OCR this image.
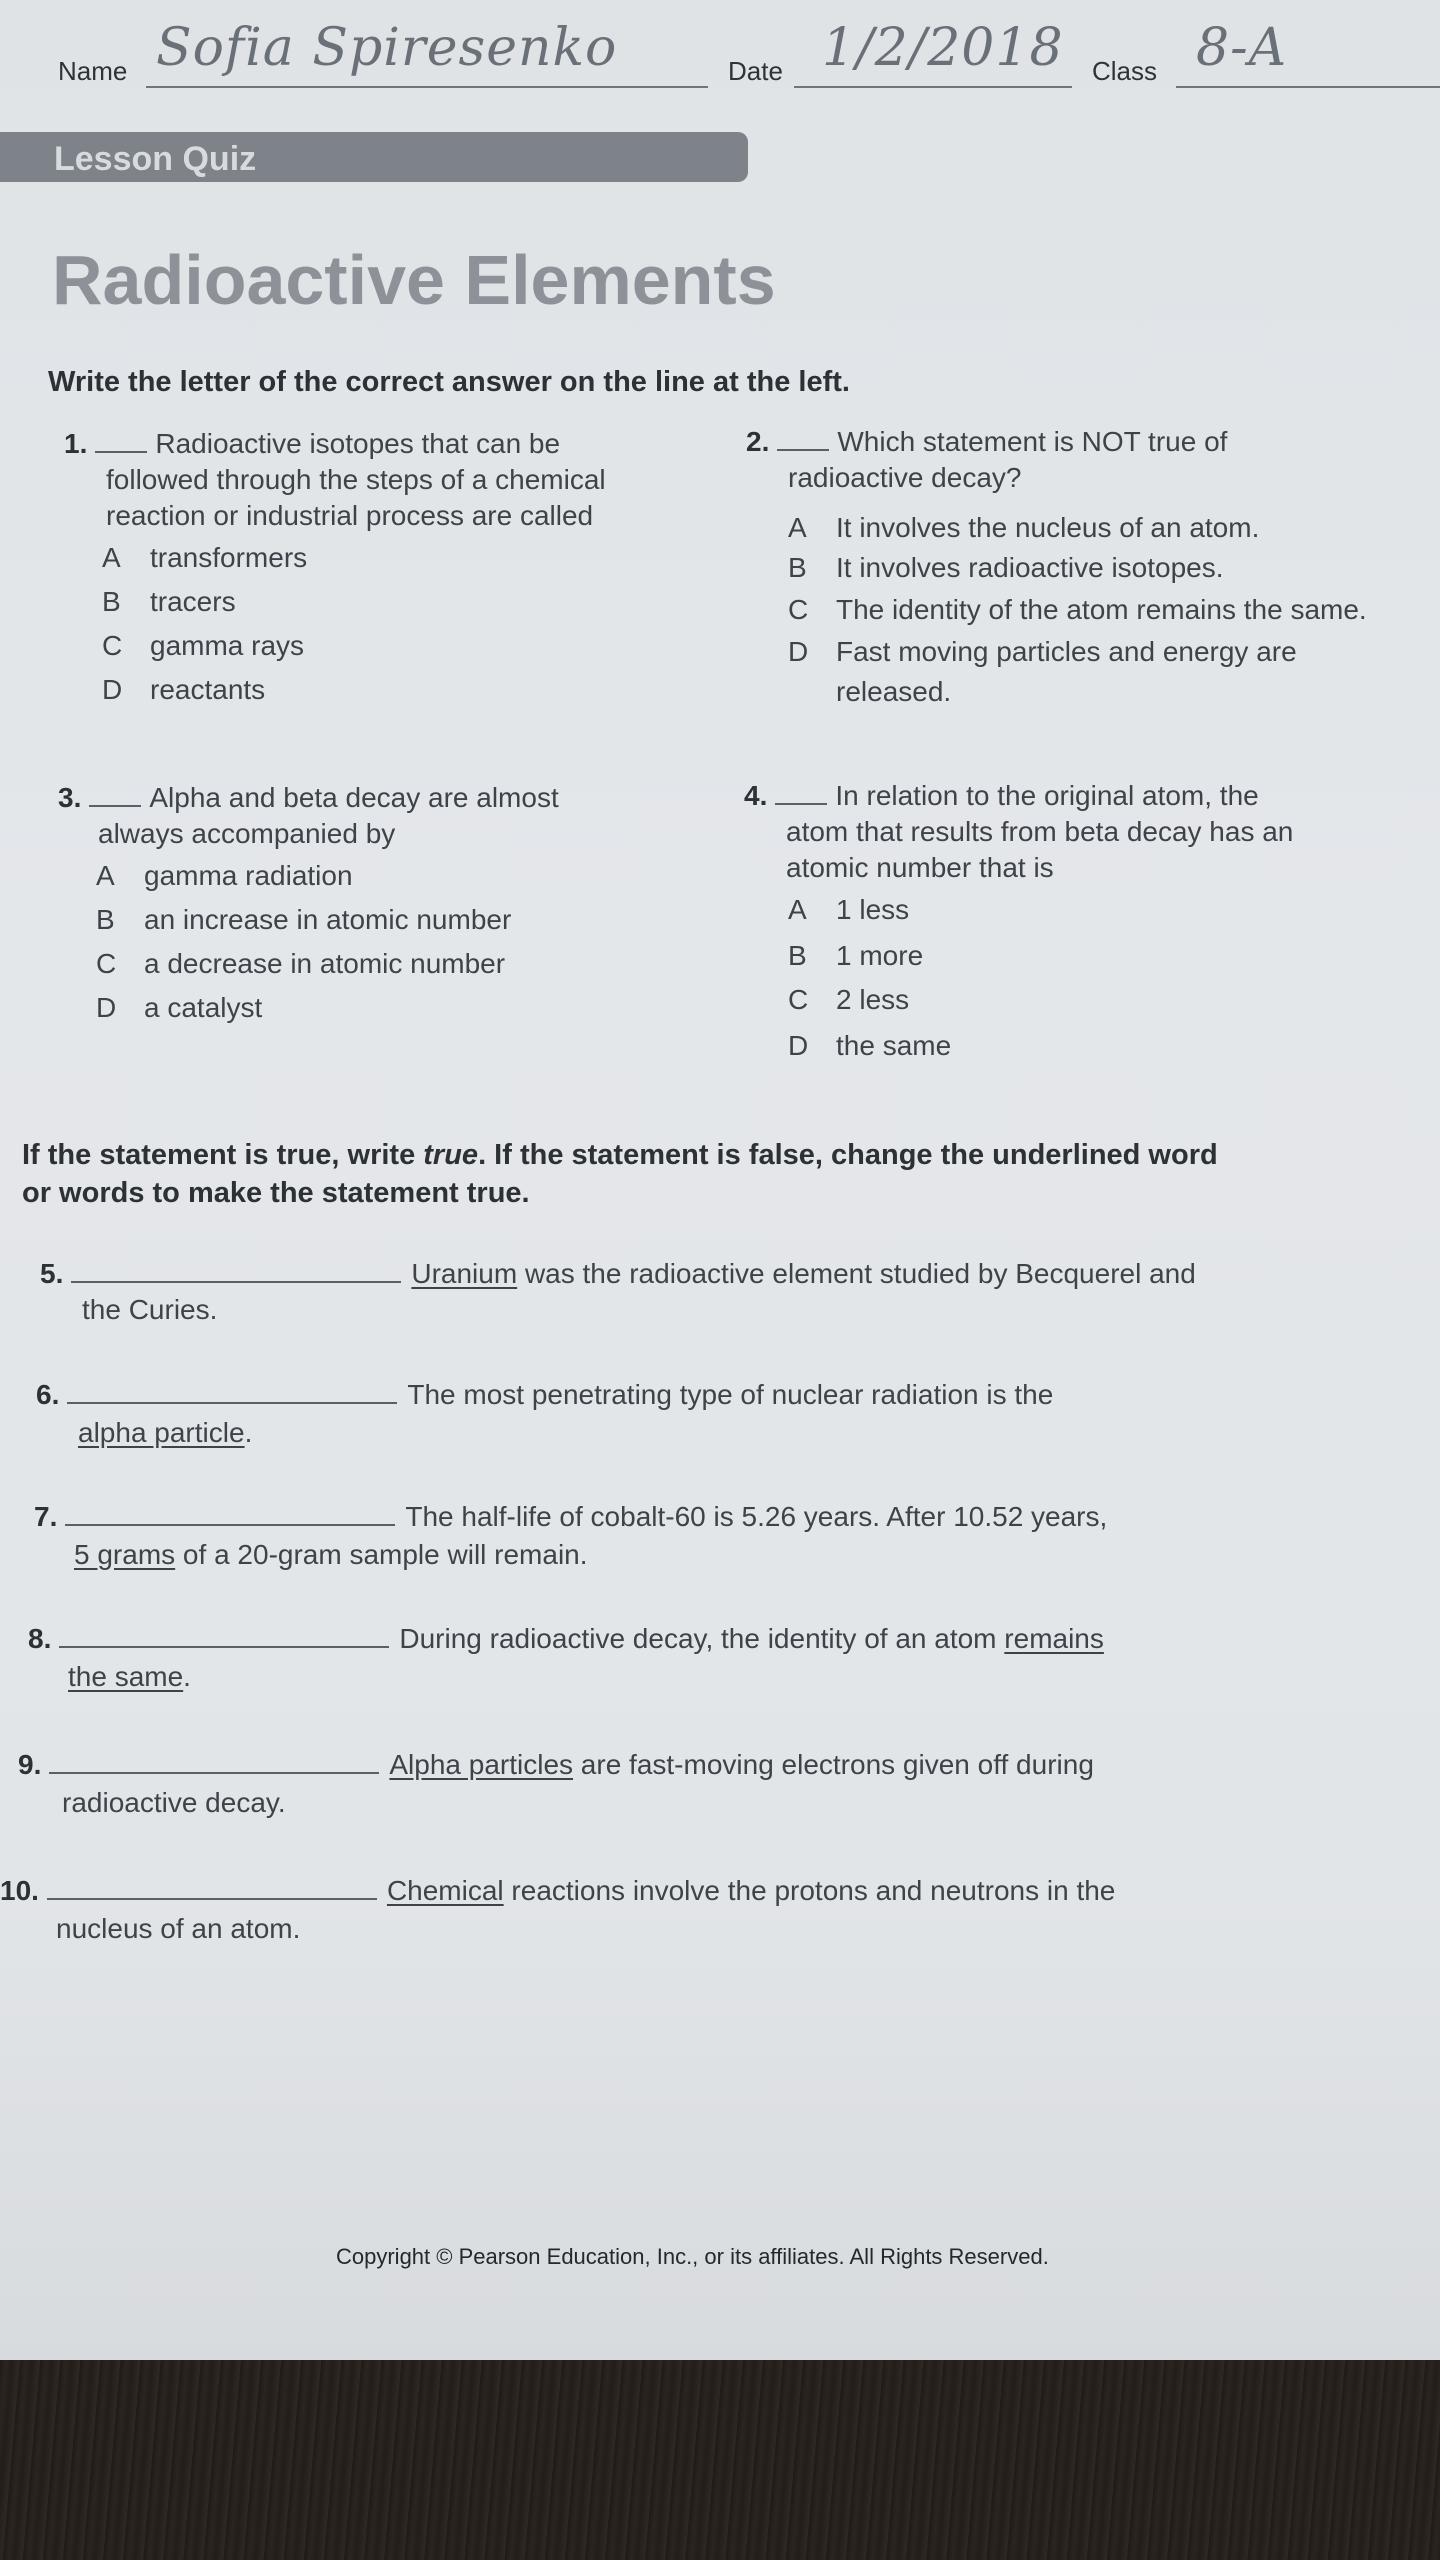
Name Sofia Spiresenko	Date 1/2/2018 Class 8-A
Lesson Quiz
Radioactive Elements
Write the letter of the correct answer on the line at the left.
1. Radioactive isotopes that can be
followed through the steps of a chemical
reaction or industrial process are called
A transformers
B tracers
C gamma rays
D reactants
2. Which statement is NOT true of
radioactive decay?
A It involves the nucleus of an atom.
B It involves radioactive isotopes.
C The identity of the atom remains the same.
D Fast moving particles and energy are
released.
3. Alpha and beta decay are almost
always accompanied by
A gamma radiation
B an increase in atomic number
C a decrease in atomic number
D a catalyst
4. In relation to the original atom, the
atom that results from beta decay has an
atomic number that is
A 1 less
B 1 more
C 2 less
D the same
If the statement is true, write true. If the statement is false, change the underlined word
or words to make the statement true.
5.	Uranium was the radioactive element studied by Becquerel and
the Curies.
6.	The most penetrating type of nuclear radiation is the
alpha particle.
7.	The half-life of cobalt-60 is 5.26 years. After 10.52 years,
5 grams of a 20-gram sample will remain.
8.	During radioactive decay, the identity of an atom remains
the same.
9.	Alpha particles are fast-moving electrons given off during
radioactive decay.
10.	Chemical reactions involve the protons and neutrons in the
nucleus of an atom.
Copyright © Pearson Education, Inc., or its affiliates. All Rights Reserved.
